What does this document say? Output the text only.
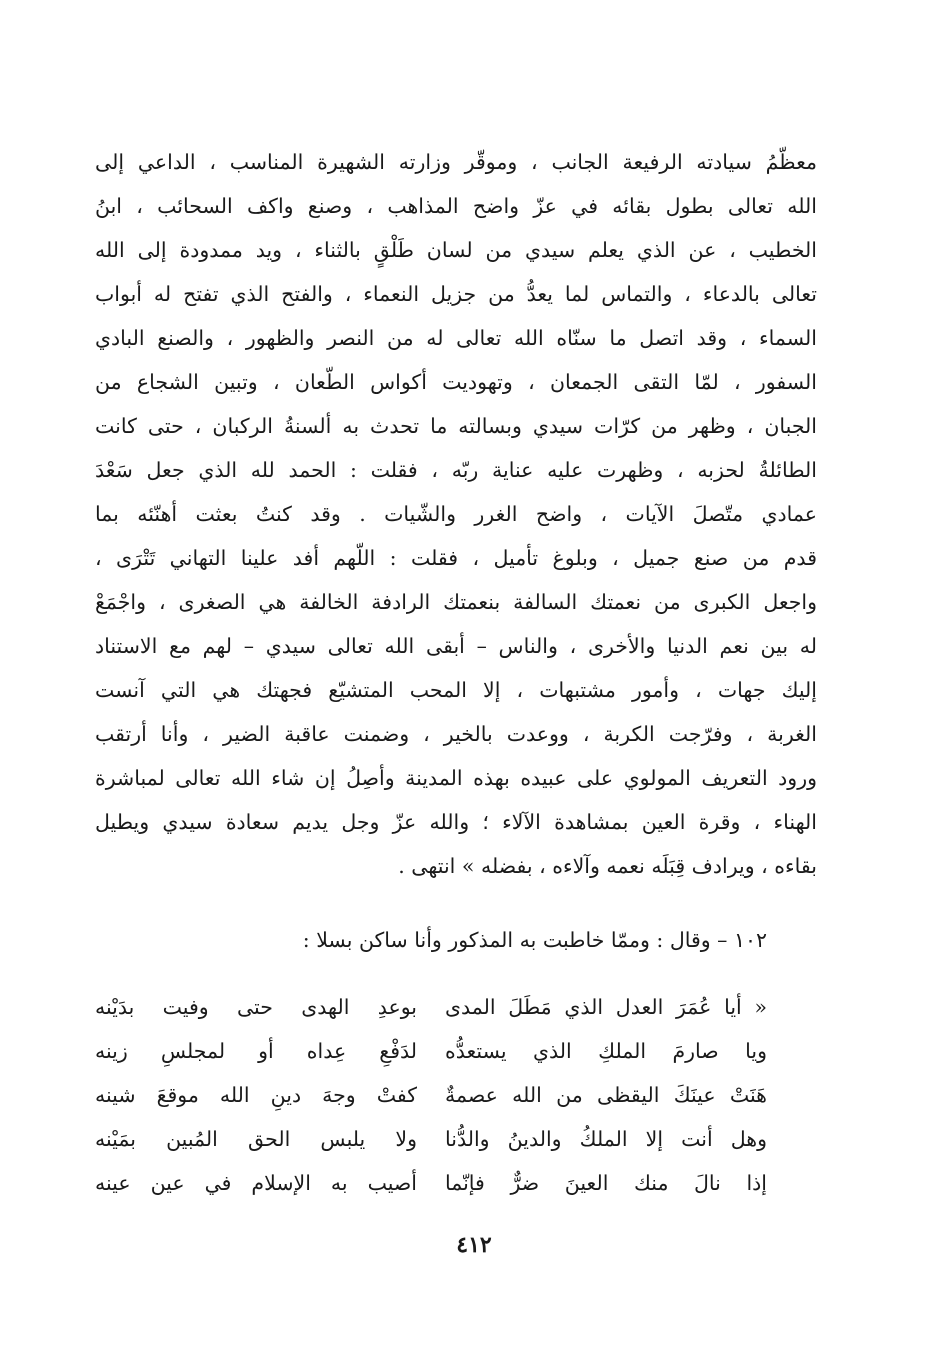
معظّمُ سيادته الرفيعة الجانب ، وموقّر وزارته الشهيرة المناسب ، الداعي إلى
الله تعالى بطول بقائه في عزّ واضح المذاهب ، وصنع واكف السحائب ، ابنُ
الخطيب ، عن الذي يعلم سيدي من لسان طَلْقٍ بالثناء ، ويد ممدودة إلى الله
تعالى بالدعاء ، والتماس لما يعدُّ من جزيل النعماء ، والفتح الذي تفتح له أبواب
السماء ، وقد اتصل ما سنّاه الله تعالى له من النصر والظهور ، والصنع البادي
السفور ، لمّا التقى الجمعان ، وتهوديت أكواس الطّعان ، وتبين الشجاع من
الجبان ، وظهر من كرّات سيدي وبسالته ما تحدث به ألسنةُ الركبان ، حتى كانت
الطائلةُ لحزبه ، وظهرت عليه عناية ربّه ، فقلت : الحمد لله الذي جعل سَعْدَ
عمادي متّصلَ الآيات ، واضح الغرر والشّيات . وقد كنتُ بعثت أهنّئه بما
قدم من صنع جميل ، وبلوغ تأميل ، فقلت : اللّهم أفد علينا التهاني تَتْرَى ،
واجعل الكبرى من نعمتك السالفة بنعمتك الرادفة الخالفة هي الصغرى ، واجْمَعْ
له بين نعم الدنيا والأخرى ، والناس – أبقى الله تعالى سيدي – لهم مع الاستناد
إليك جهات ، وأمور مشتبهات ، إلا المحب المتشيّع فجهتك هي التي آنست
الغربة ، وفرّجت الكربة ، ووعدت بالخير ، وضمنت عاقبة الضير ، وأنا أرتقب
ورود التعريف المولوي على عبيده بهذه المدينة وأصِلُ إن شاء الله تعالى لمباشرة
الهناء ، وقرة العين بمشاهدة الآلاء ؛ والله عزّ وجل يديم سعادة سيدي ويطيل
بقاءه ، ويرادف قِبَلَه نعمه وآلاءه ، بفضله » انتهى .
١٠٢ – وقال : وممّا خاطبت به المذكور وأنا ساكن بسلا :
« أيا عُمَرَ العدل الذي مَطَلَ المدى
بوعدِ الهدى حتى وفيت بدَيْنه
ويا صارمَ الملكِ الذي يستعدُّه
لدَفْعِ عِداه أو لمجلسِ زينه
هَنَتْ عينَكَ اليقظى من الله عصمةٌ
كفتْ وجهَ دينِ الله موقعَ شينه
وهل أنت إلا الملكُ والدينُ والدُّنا
ولا يلبس الحق المُبين بمَيْنه
إذا نالَ منك العينَ ضرٌّ فإنّما
أصيب به الإسلام في عين عينه
٤١٢
